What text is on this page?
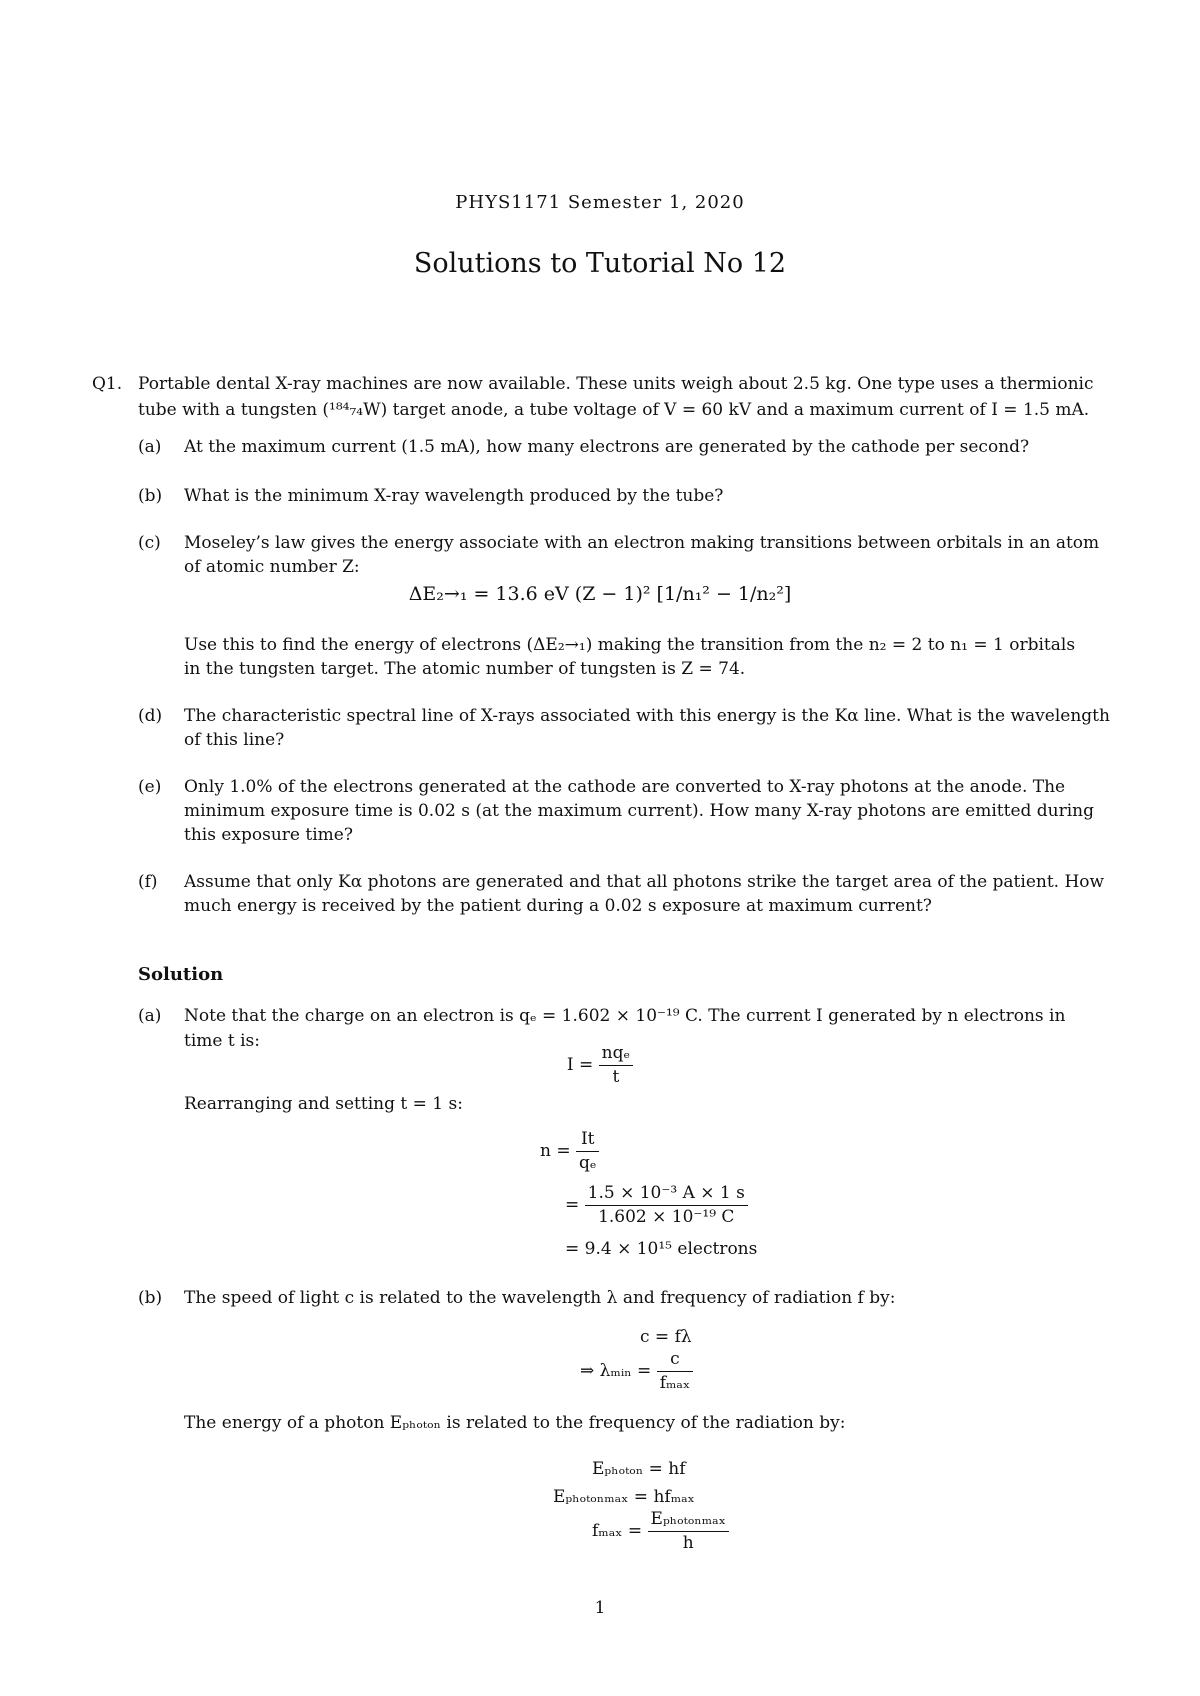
PHYS1171 Semester 1, 2020
Solutions to Tutorial No 12
Q1. Portable dental X-ray machines are now available. These units weigh about 2.5 kg. One type uses a thermionic
tube with a tungsten (¹⁸⁴₇₄W) target anode, a tube voltage of V = 60 kV and a maximum current of I = 1.5 mA.
(a) At the maximum current (1.5 mA), how many electrons are generated by the cathode per second?
(b) What is the minimum X-ray wavelength produced by the tube?
(c) Moseley’s law gives the energy associate with an electron making transitions between orbitals in an atom
of atomic number Z:
ΔE₂→₁ = 13.6 eV (Z − 1)² [1/n₁² − 1/n₂²]
Use this to find the energy of electrons (ΔE₂→₁) making the transition from the n₂ = 2 to n₁ = 1 orbitals
in the tungsten target. The atomic number of tungsten is Z = 74.
(d) The characteristic spectral line of X-rays associated with this energy is the Kα line. What is the wavelength
of this line?
(e) Only 1.0% of the electrons generated at the cathode are converted to X-ray photons at the anode. The
minimum exposure time is 0.02 s (at the maximum current). How many X-ray photons are emitted during
this exposure time?
(f) Assume that only Kα photons are generated and that all photons strike the target area of the patient. How
much energy is received by the patient during a 0.02 s exposure at maximum current?
Solution
(a) Note that the charge on an electron is qₑ = 1.602 × 10⁻¹⁹ C. The current I generated by n electrons in
time t is:
$I = \frac{\text{nqₑ}}{t}$
Rearranging and setting t = 1 s:
$n = \frac{It}{\text{qₑ}}$
= $\frac{\text{1.5 × 10⁻³ A × 1 s}}{\text{1.602 × 10⁻¹⁹ C}}$
= 9.4 × 10¹⁵ electrons
(b) The speed of light c is related to the wavelength λ and frequency of radiation f by:
c = fλ
⇒ λₘᵢₙ = $\frac{c}{\text{fₘₐₓ}}$
The energy of a photon Eₚₕₒₜₒₙ is related to the frequency of the radiation by:
Eₚₕₒₜₒₙ = hf
Eₚₕₒₜₒₙₘₐₓ = hfₘₐₓ
$f_{max} = \frac{\text{Eₚₕₒₜₒₙₘₐₓ}}{h}$
1
